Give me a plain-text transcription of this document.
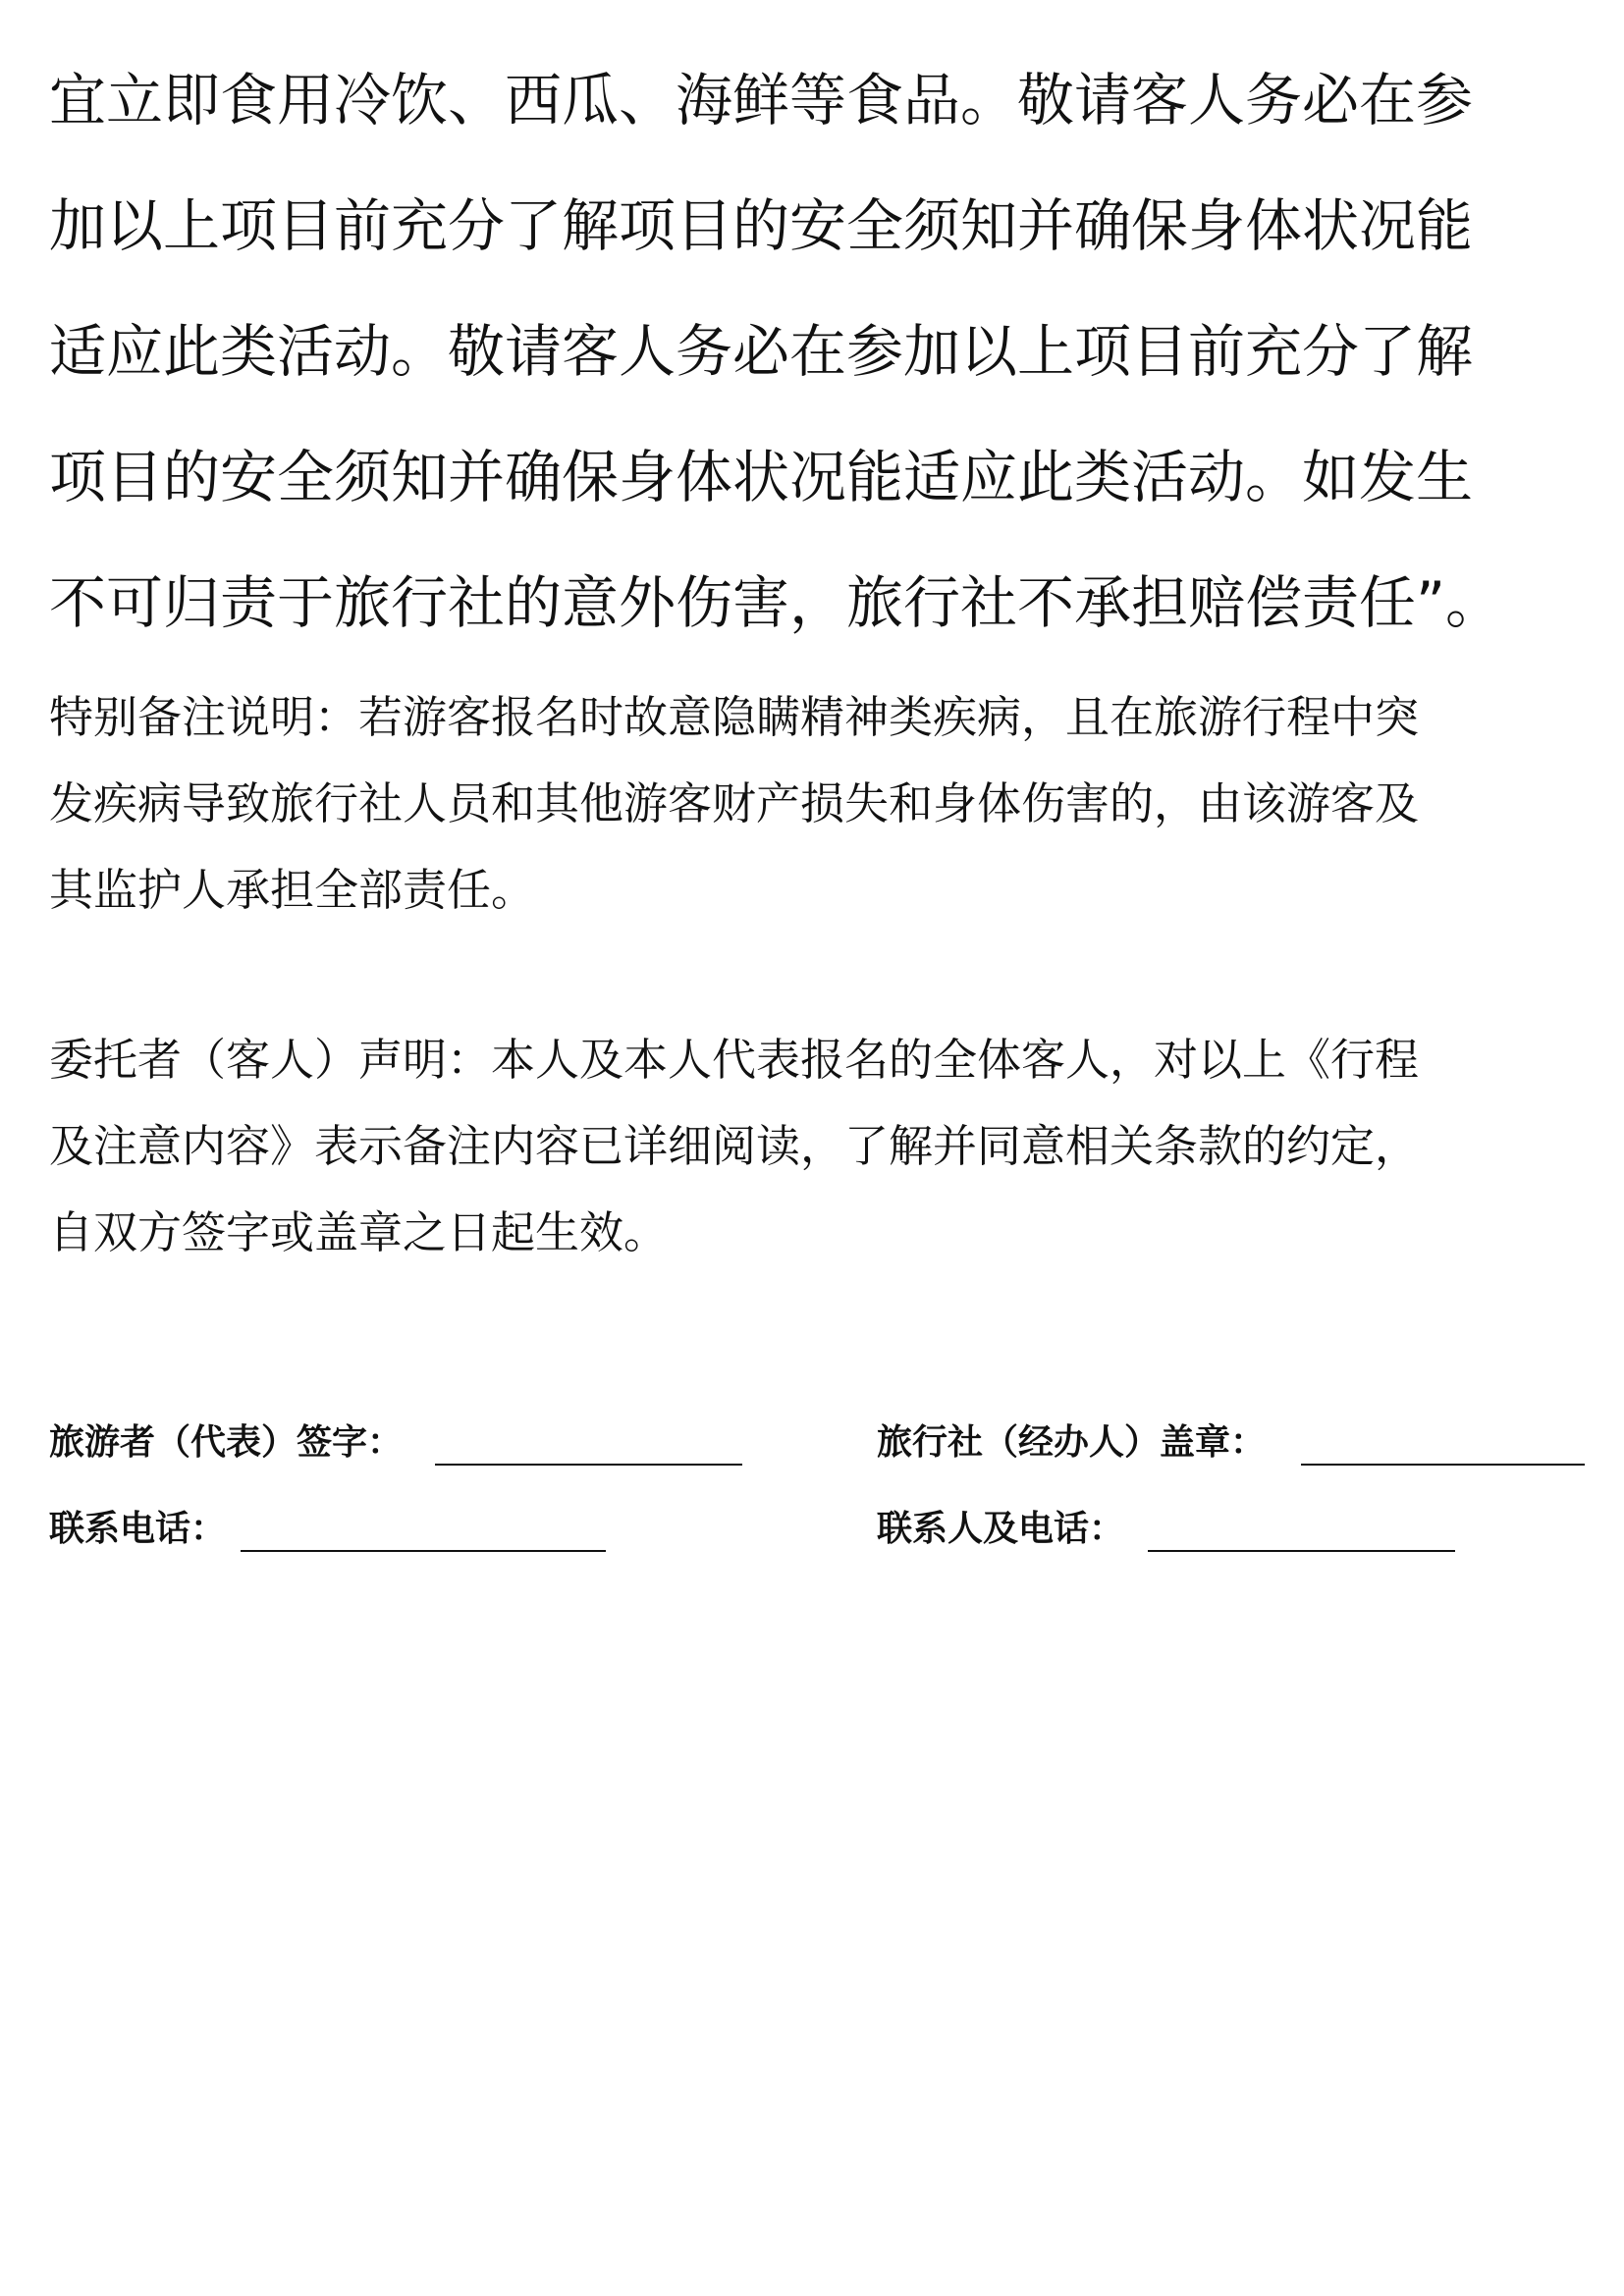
宜立即食用冷饮、西瓜、海鲜等食品。敬请客人务必在参
加以上项目前充分了解项目的安全须知并确保身体状况能
适应此类活动。敬请客人务必在参加以上项目前充分了解
项目的安全须知并确保身体状况能适应此类活动。如发生
不可归责于旅行社的意外伤害，旅行社不承担赔偿责任”。
特别备注说明：若游客报名时故意隐瞒精神类疾病，且在旅游行程中突
发疾病导致旅行社人员和其他游客财产损失和身体伤害的，由该游客及
其监护人承担全部责任。
委托者（客人）声明：本人及本人代表报名的全体客人，对以上《行程
及注意内容》表示备注内容已详细阅读，了解并同意相关条款的约定，
自双方签字或盖章之日起生效。
旅游者（代表）签字：	旅行社（经办人）盖章：
联系电话：	联系人及电话：
